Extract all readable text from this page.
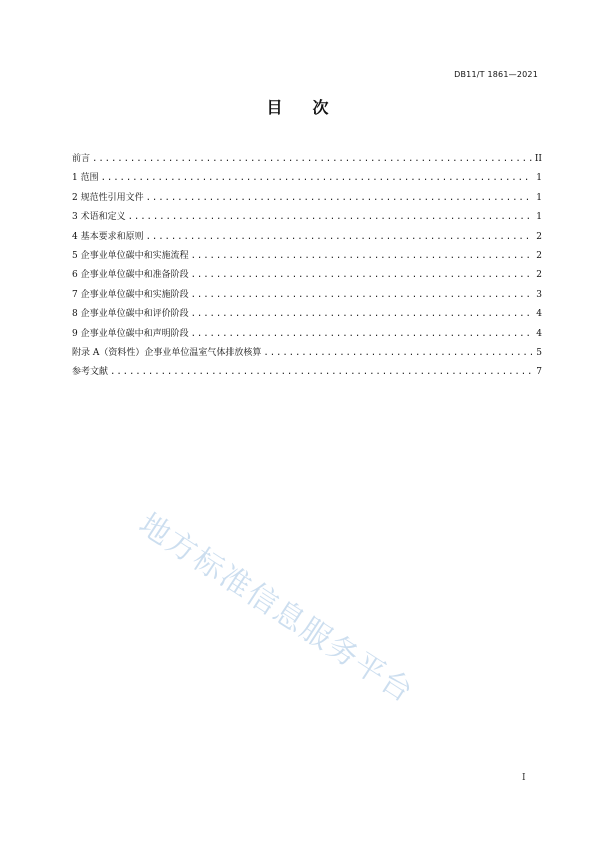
DB11/T 1861—2021
目 次
前言 .....	II
1 范围 .....	1
2 规范性引用文件 .....	1
3 术语和定义 .....	1
4 基本要求和原则 .....	2
5 企事业单位碳中和实施流程 .....	2
6 企事业单位碳中和准备阶段 .....	2
7 企事业单位碳中和实施阶段 .....	3
8 企事业单位碳中和评价阶段 .....	4
9 企事业单位碳中和声明阶段 .....	4
附录 A（资料性）企事业单位温室气体排放核算 .....	5
参考文献 .....	7
地方标准信息服务平台
I
